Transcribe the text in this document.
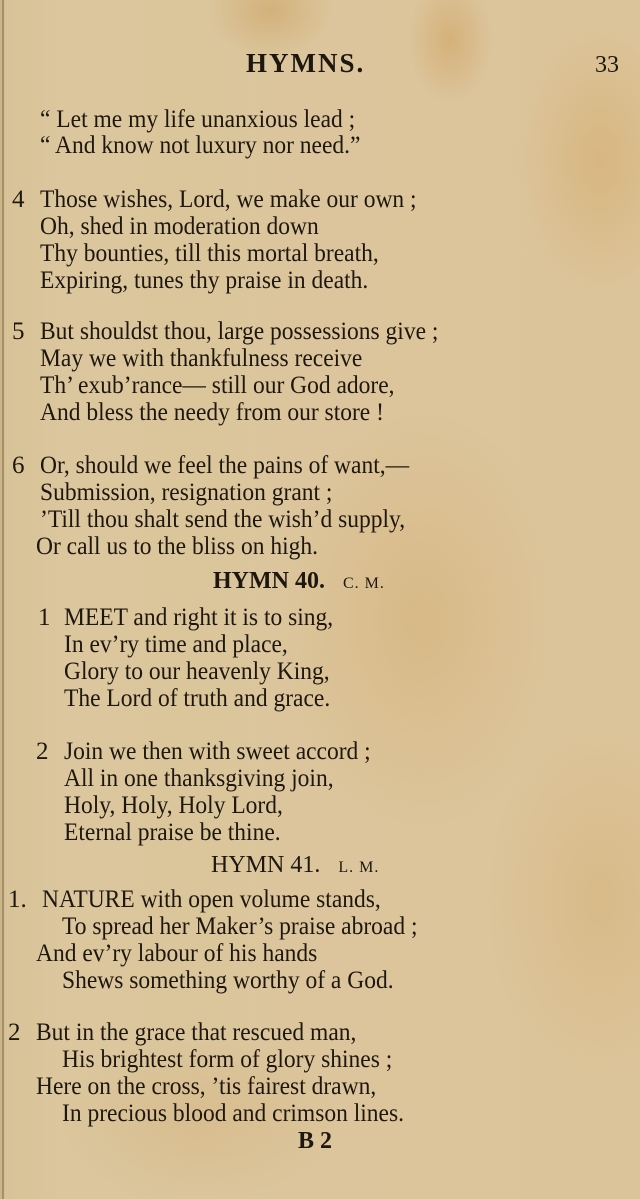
HYMNS.	33
“ Let me my life unanxious lead ;
“ And know not luxury nor need.”
4 Those wishes, Lord, we make our own ;
Oh, shed in moderation down
Thy bounties, till this mortal breath,
Expiring, tunes thy praise in death.
5 But shouldst thou, large possessions give ;
May we with thankfulness receive
Th’ exub’rance— still our God adore,
And bless the needy from our store !
6 Or, should we feel the pains of want,—
Submission, resignation grant ;
’Till thou shalt send the wish’d supply,
Or call us to the bliss on high.
HYMN 40. C. M.
1 MEET and right it is to sing,
In ev’ry time and place,
Glory to our heavenly King,
The Lord of truth and grace.
2 Join we then with sweet accord ;
All in one thanksgiving join,
Holy, Holy, Holy Lord,
Eternal praise be thine.
HYMN 41. L. M.
1. NATURE with open volume stands,
To spread her Maker’s praise abroad ;
And ev’ry labour of his hands
Shews something worthy of a God.
2 But in the grace that rescued man,
His brightest form of glory shines ;
Here on the cross, ’tis fairest drawn,
In precious blood and crimson lines.
B 2
